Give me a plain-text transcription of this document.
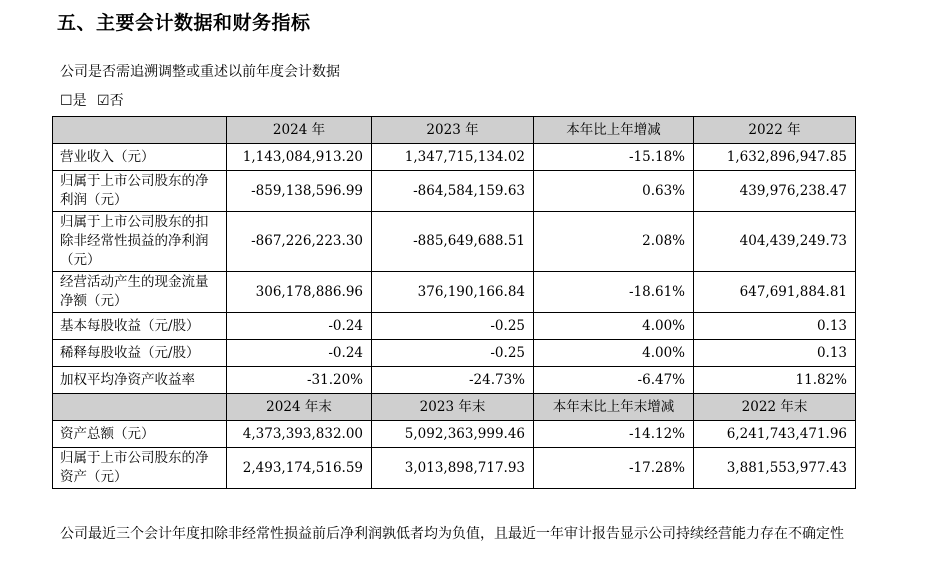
五、主要会计数据和财务指标
公司是否需追溯调整或重述以前年度会计数据
☐是 ☑否
	2024 年	2023 年	本年比上年增减	2022 年
营业收入（元）	1,143,084,913.20	1,347,715,134.02	-15.18%	1,632,896,947.85
归属于上市公司股东的净利润（元）	-859,138,596.99	-864,584,159.63	0.63%	439,976,238.47
归属于上市公司股东的扣除非经常性损益的净利润（元）	-867,226,223.30	-885,649,688.51	2.08%	404,439,249.73
经营活动产生的现金流量净额（元）	306,178,886.96	376,190,166.84	-18.61%	647,691,884.81
基本每股收益（元/股）	-0.24	-0.25	4.00%	0.13
稀释每股收益（元/股）	-0.24	-0.25	4.00%	0.13
加权平均净资产收益率	-31.20%	-24.73%	-6.47%	11.82%
	2024 年末	2023 年末	本年末比上年末增减	2022 年末
资产总额（元）	4,373,393,832.00	5,092,363,999.46	-14.12%	6,241,743,471.96
归属于上市公司股东的净资产（元）	2,493,174,516.59	3,013,898,717.93	-17.28%	3,881,553,977.43
公司最近三个会计年度扣除非经常性损益前后净利润孰低者均为负值，且最近一年审计报告显示公司持续经营能力存在不确定性
